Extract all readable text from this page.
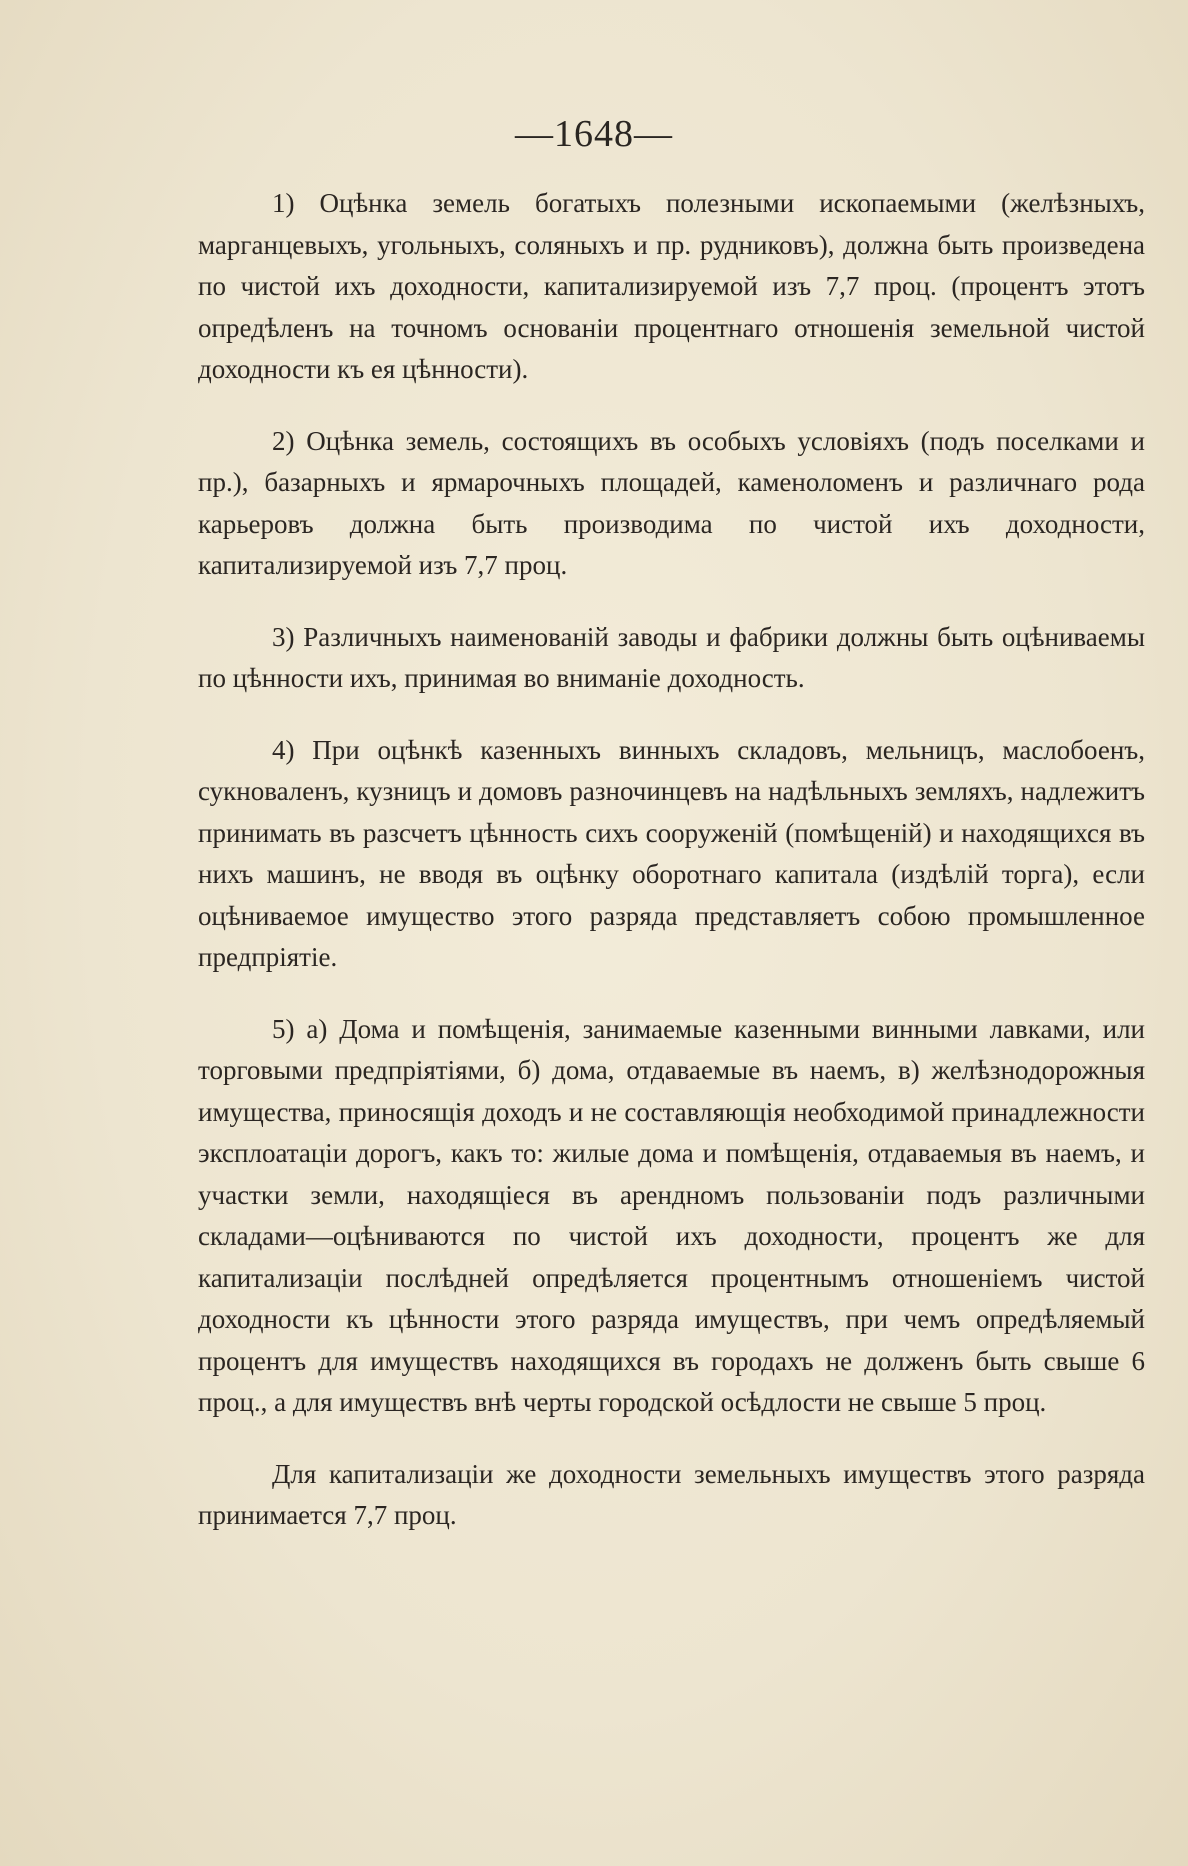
—1648—

1) Оцѣнка земель богатыхъ полезными ископаемыми (желѣзныхъ, марганцевыхъ, угольныхъ, соляныхъ и пр. рудниковъ), должна быть произведена по чистой ихъ доходности, капитализируемой изъ 7,7 проц. (процентъ этотъ опредѣленъ на точномъ основанiи процентнаго отношенiя земельной чистой доходности къ ея цѣнности).

2) Оцѣнка земель, состоящихъ въ особыхъ условiяхъ (подъ поселками и пр.), базарныхъ и ярмарочныхъ площадей, каменоломенъ и различнаго рода карьеровъ должна быть производима по чистой ихъ доходности, капитализируемой изъ 7,7 проц.

3) Различныхъ наименованiй заводы и фабрики должны быть оцѣниваемы по цѣнности ихъ, принимая во вниманiе доходность.

4) При оцѣнкѣ казенныхъ винныхъ складовъ, мельницъ, маслобоенъ, сукноваленъ, кузницъ и домовъ разночинцевъ на надѣльныхъ земляхъ, надлежитъ принимать въ разсчетъ цѣнность сихъ сооруженiй (помѣщенiй) и находящихся въ нихъ машинъ, не вводя въ оцѣнку оборотнаго капитала (издѣлiй торга), если оцѣниваемое имущество этого разряда представляетъ собою промышленное предпрiятiе.

5) а) Дома и помѣщенiя, занимаемые казенными винными лавками, или торговыми предпрiятiями, б) дома, отдаваемые въ наемъ, в) желѣзнодорожныя имущества, приносящiя доходъ и не составляющiя необходимой принадлежности эксплоатацiи дорогъ, какъ то: жилые дома и помѣщенiя, отдаваемыя въ наемъ, и участки земли, находящiеся въ арендномъ пользованiи подъ различными складами—оцѣниваются по чистой ихъ доходности, процентъ же для капитализацiи послѣдней опредѣляется процентнымъ отношенiемъ чистой доходности къ цѣнности этого разряда имуществъ, при чемъ опредѣляемый процентъ для имуществъ находящихся въ городахъ не долженъ быть свыше 6 проц., а для имуществъ внѣ черты городской осѣдлости не свыше 5 проц.

Для капитализацiи же доходности земельныхъ имуществъ этого разряда принимается 7,7 проц.
